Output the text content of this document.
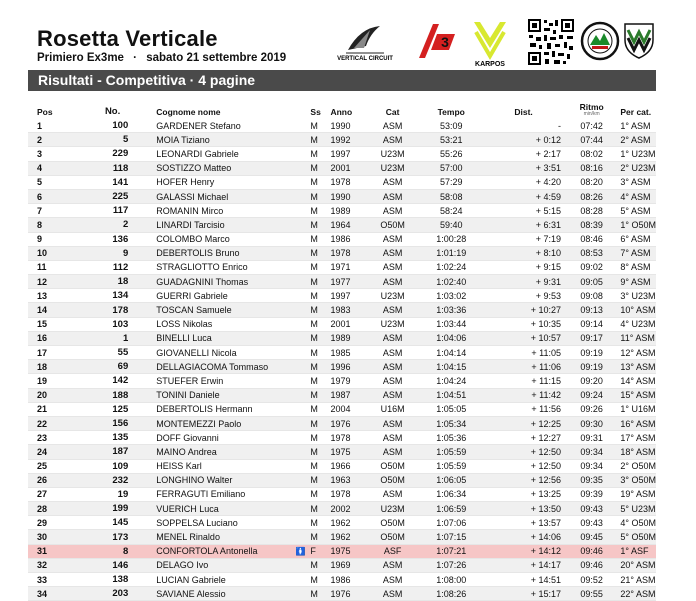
Rosetta Verticale
Primiero Ex3me · sabato 21 settembre 2019	VERTICAL CIRCUIT
3
KARPOS
Risultati - Competitiva · 4 pagine
Pos	No.	Cognome nome		Ss	Anno	Cat	Tempo	Dist.	Ritmo
min/km	Per cat.
1	100	GARDENER Stefano		M	1990	ASM	53:09	-	07:42	1° ASM
2	5	MOIA Tiziano		M	1992	ASM	53:21	+ 0:12	07:44	2° ASM
3	229	LEONARDI Gabriele		M	1997	U23M	55:26	+ 2:17	08:02	1° U23M
4	118	SOSTIZZO Matteo		M	2001	U23M	57:00	+ 3:51	08:16	2° U23M
5	141	HOFER Henry		M	1978	ASM	57:29	+ 4:20	08:20	3° ASM
6	225	GALASSI Michael		M	1990	ASM	58:08	+ 4:59	08:26	4° ASM
7	117	ROMANIN Mirco		M	1989	ASM	58:24	+ 5:15	08:28	5° ASM
8	2	LINARDI Tarcisio		M	1964	O50M	59:40	+ 6:31	08:39	1° O50M
9	136	COLOMBO Marco		M	1986	ASM	1:00:28	+ 7:19	08:46	6° ASM
10	9	DEBERTOLIS Bruno		M	1978	ASM	1:01:19	+ 8:10	08:53	7° ASM
11	112	STRAGLIOTTO Enrico		M	1971	ASM	1:02:24	+ 9:15	09:02	8° ASM
12	18	GUADAGNINI Thomas		M	1977	ASM	1:02:40	+ 9:31	09:05	9° ASM
13	134	GUERRI Gabriele		M	1997	U23M	1:03:02	+ 9:53	09:08	3° U23M
14	178	TOSCAN Samuele		M	1983	ASM	1:03:36	+ 10:27	09:13	10° ASM
15	103	LOSS Nikolas		M	2001	U23M	1:03:44	+ 10:35	09:14	4° U23M
16	1	BINELLI Luca		M	1989	ASM	1:04:06	+ 10:57	09:17	11° ASM
17	55	GIOVANELLI Nicola		M	1985	ASM	1:04:14	+ 11:05	09:19	12° ASM
18	69	DELLAGIACOMA Tommaso		M	1996	ASM	1:04:15	+ 11:06	09:19	13° ASM
19	142	STUEFER Erwin		M	1979	ASM	1:04:24	+ 11:15	09:20	14° ASM
20	188	TONINI Daniele		M	1987	ASM	1:04:51	+ 11:42	09:24	15° ASM
21	125	DEBERTOLIS Hermann		M	2004	U16M	1:05:05	+ 11:56	09:26	1° U16M
22	156	MONTEMEZZI Paolo		M	1976	ASM	1:05:34	+ 12:25	09:30	16° ASM
23	135	DOFF Giovanni		M	1978	ASM	1:05:36	+ 12:27	09:31	17° ASM
24	187	MAINO Andrea		M	1975	ASM	1:05:59	+ 12:50	09:34	18° ASM
25	109	HEISS Karl		M	1966	O50M	1:05:59	+ 12:50	09:34	2° O50M
26	232	LONGHINO Walter		M	1963	O50M	1:06:05	+ 12:56	09:35	3° O50M
27	19	FERRAGUTI Emiliano		M	1978	ASM	1:06:34	+ 13:25	09:39	19° ASM
28	199	VUERICH Luca		M	2002	U23M	1:06:59	+ 13:50	09:43	5° U23M
29	145	SOPPELSA Luciano		M	1962	O50M	1:07:06	+ 13:57	09:43	4° O50M
30	173	MENEL Rinaldo		M	1962	O50M	1:07:15	+ 14:06	09:45	5° O50M
31	8	CONFORTOLA Antonella	🚺	F	1975	ASF	1:07:21	+ 14:12	09:46	1° ASF
32	146	DELAGO Ivo		M	1969	ASM	1:07:26	+ 14:17	09:46	20° ASM
33	138	LUCIAN Gabriele		M	1986	ASM	1:08:00	+ 14:51	09:52	21° ASM
34	203	SAVIANE Alessio		M	1976	ASM	1:08:26	+ 15:17	09:55	22° ASM
